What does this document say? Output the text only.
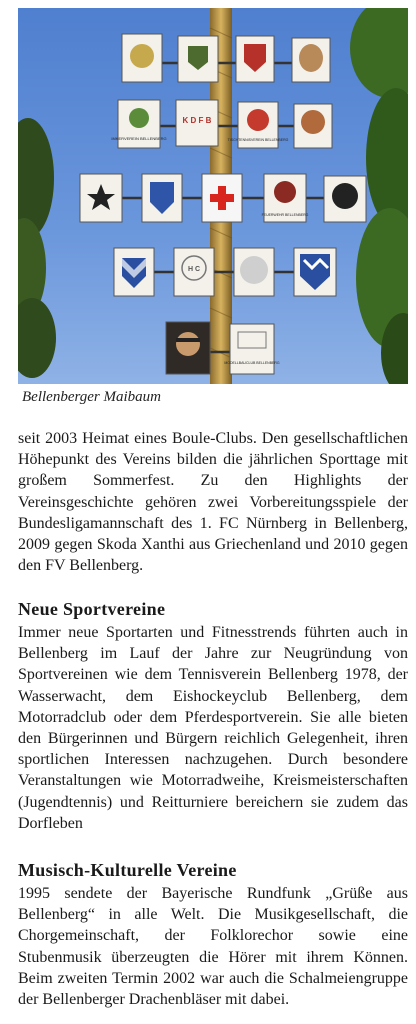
IMKERVEREIN BELLENBERG
K D F B
TISCHTENNISVEREIN BELLENBERG
FEUERWEHR BELLENBERG
H C
MODELLBAUCLUB BELLENBERG
Bellenberger Maibaum

seit 2003 Heimat eines Boule-Clubs. Den gesellschaftlichen Höhepunkt des Vereins bilden die jährlichen Sporttage mit großem Sommerfest. Zu den Highlights der Vereinsgeschichte gehören zwei Vorbereitungsspiele der Bundesligamannschaft des 1. FC Nürnberg in Bellenberg, 2009 gegen Skoda Xanthi aus Griechenland und 2010 gegen den FV Bellenberg.

Neue Sportvereine

Immer neue Sportarten und Fitnesstrends führten auch in Bellenberg im Lauf der Jahre zur Neugründung von Sportvereinen wie dem Tennisverein Bellenberg 1978, der Wasserwacht, dem Eishockeyclub Bellenberg, dem Motorradclub oder dem Pferdesportverein. Sie alle bieten den Bürgerinnen und Bürgern reichlich Gelegenheit, ihren sportlichen Interessen nachzugehen. Durch besondere Veranstaltungen wie Motorradweihe, Kreismeisterschaften (Jugendtennis) und Reitturniere bereichern sie zudem das Dorfleben

Musisch-Kulturelle Vereine

1995 sendete der Bayerische Rundfunk „Grüße aus Bellenberg“ in alle Welt. Die Musikgesellschaft, die Chorgemeinschaft, der Folklorechor sowie eine Stubenmusik überzeugten die Hörer mit ihrem Können. Beim zweiten Termin 2002 war auch die Schalmeiengruppe der Bellenberger Drachenbläser mit dabei.
